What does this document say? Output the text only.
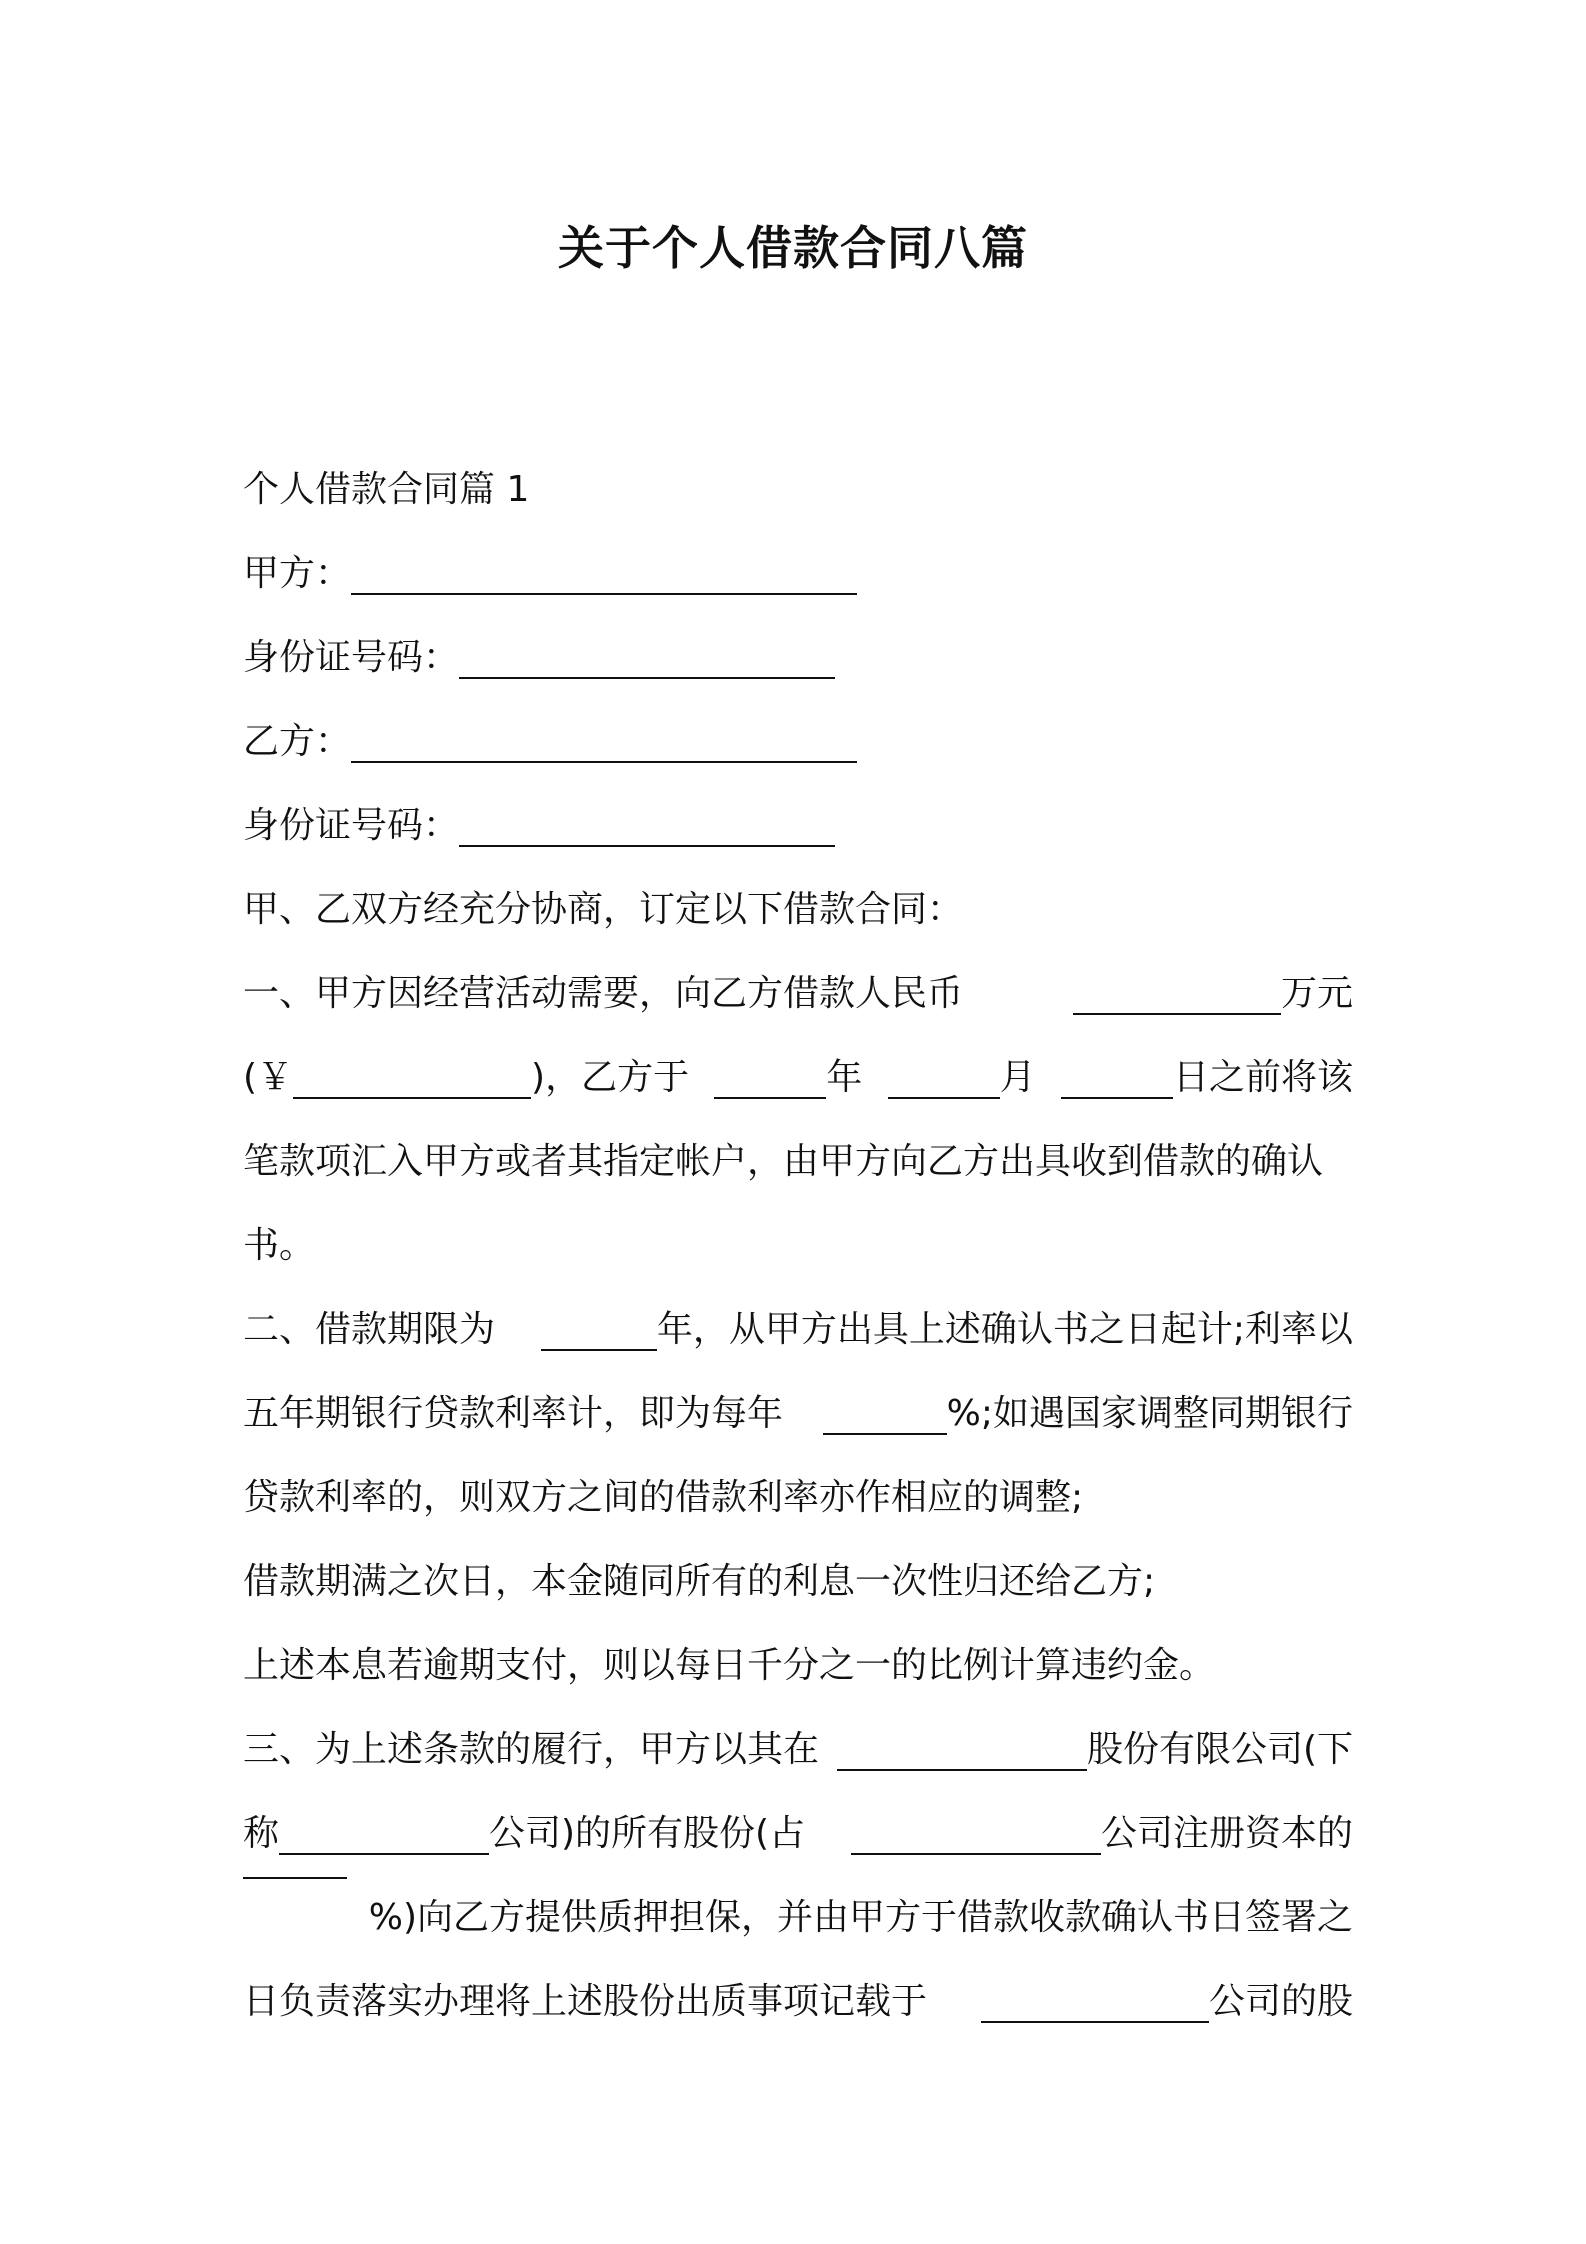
关于个人借款合同八篇
个人借款合同篇 1
甲方：
身份证号码：
乙方：
身份证号码：
甲、乙双方经充分协商，订定以下借款合同：
一、甲方因经营活动需要，向乙方借款人民币	万元
(￥	)，乙方于	年	月	日之前将该
笔款项汇入甲方或者其指定帐户，由甲方向乙方出具收到借款的确认
书。
二、借款期限为	年，从甲方出具上述确认书之日起计;利率以
五年期银行贷款利率计，即为每年	%;如遇国家调整同期银行
贷款利率的，则双方之间的借款利率亦作相应的调整;
借款期满之次日，本金随同所有的利息一次性归还给乙方;
上述本息若逾期支付，则以每日千分之一的比例计算违约金。
三、为上述条款的履行，甲方以其在	股份有限公司(下
称	公司)的所有股份(占	公司注册资本的
%)向乙方提供质押担保，并由甲方于借款收款确认书日签署之
日负责落实办理将上述股份出质事项记载于	公司的股
